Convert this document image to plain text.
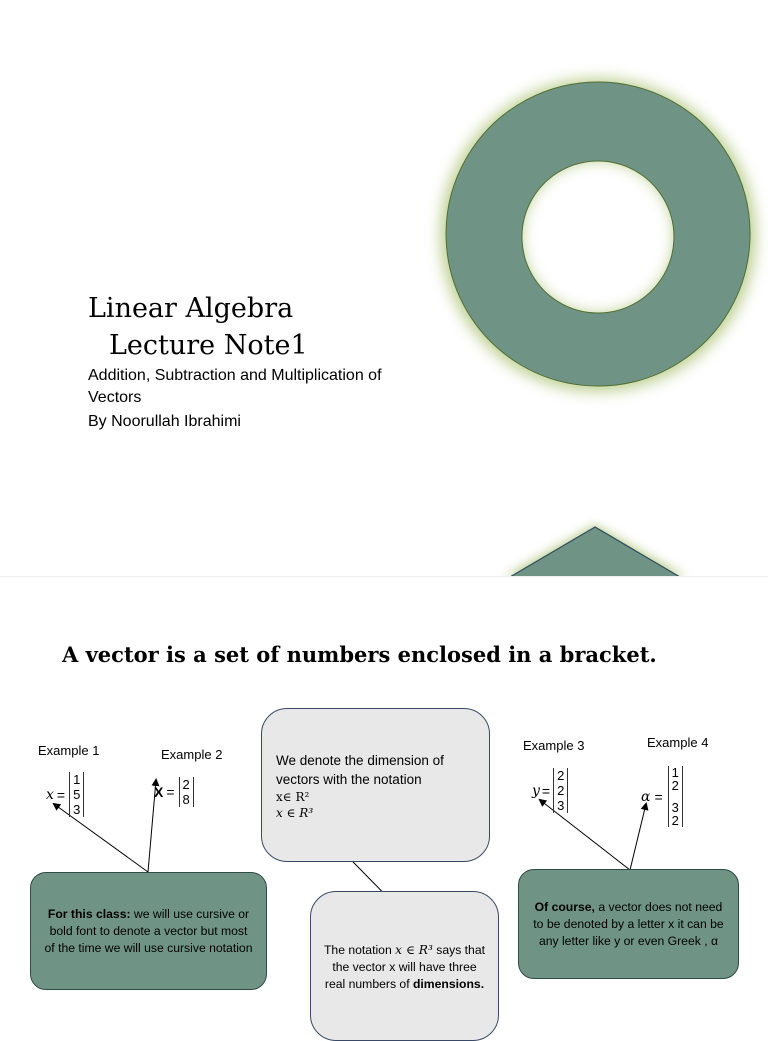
Linear Algebra
Lecture Note1
Addition, Subtraction and Multiplication of
Vectors
By Noorullah Ibrahimi
A vector is a set of numbers enclosed in a bracket.
Example 1
x =
1
5
3
Example 2
X = 2
8
We denote the dimension of
vectors with the notation
x∈ R²
x ∈ R³
Example 3
y =
2
2
3
Example 4
α =
1
2
3
2
For this class: we will use cursive or bold font to denote a vector but most of the time we will use cursive notation	The notation x ∈ R³ says that the vector x will have three real numbers of dimensions.
Of course, a vector does not need to be denoted by a letter x it can be any letter like y or even Greek , α
